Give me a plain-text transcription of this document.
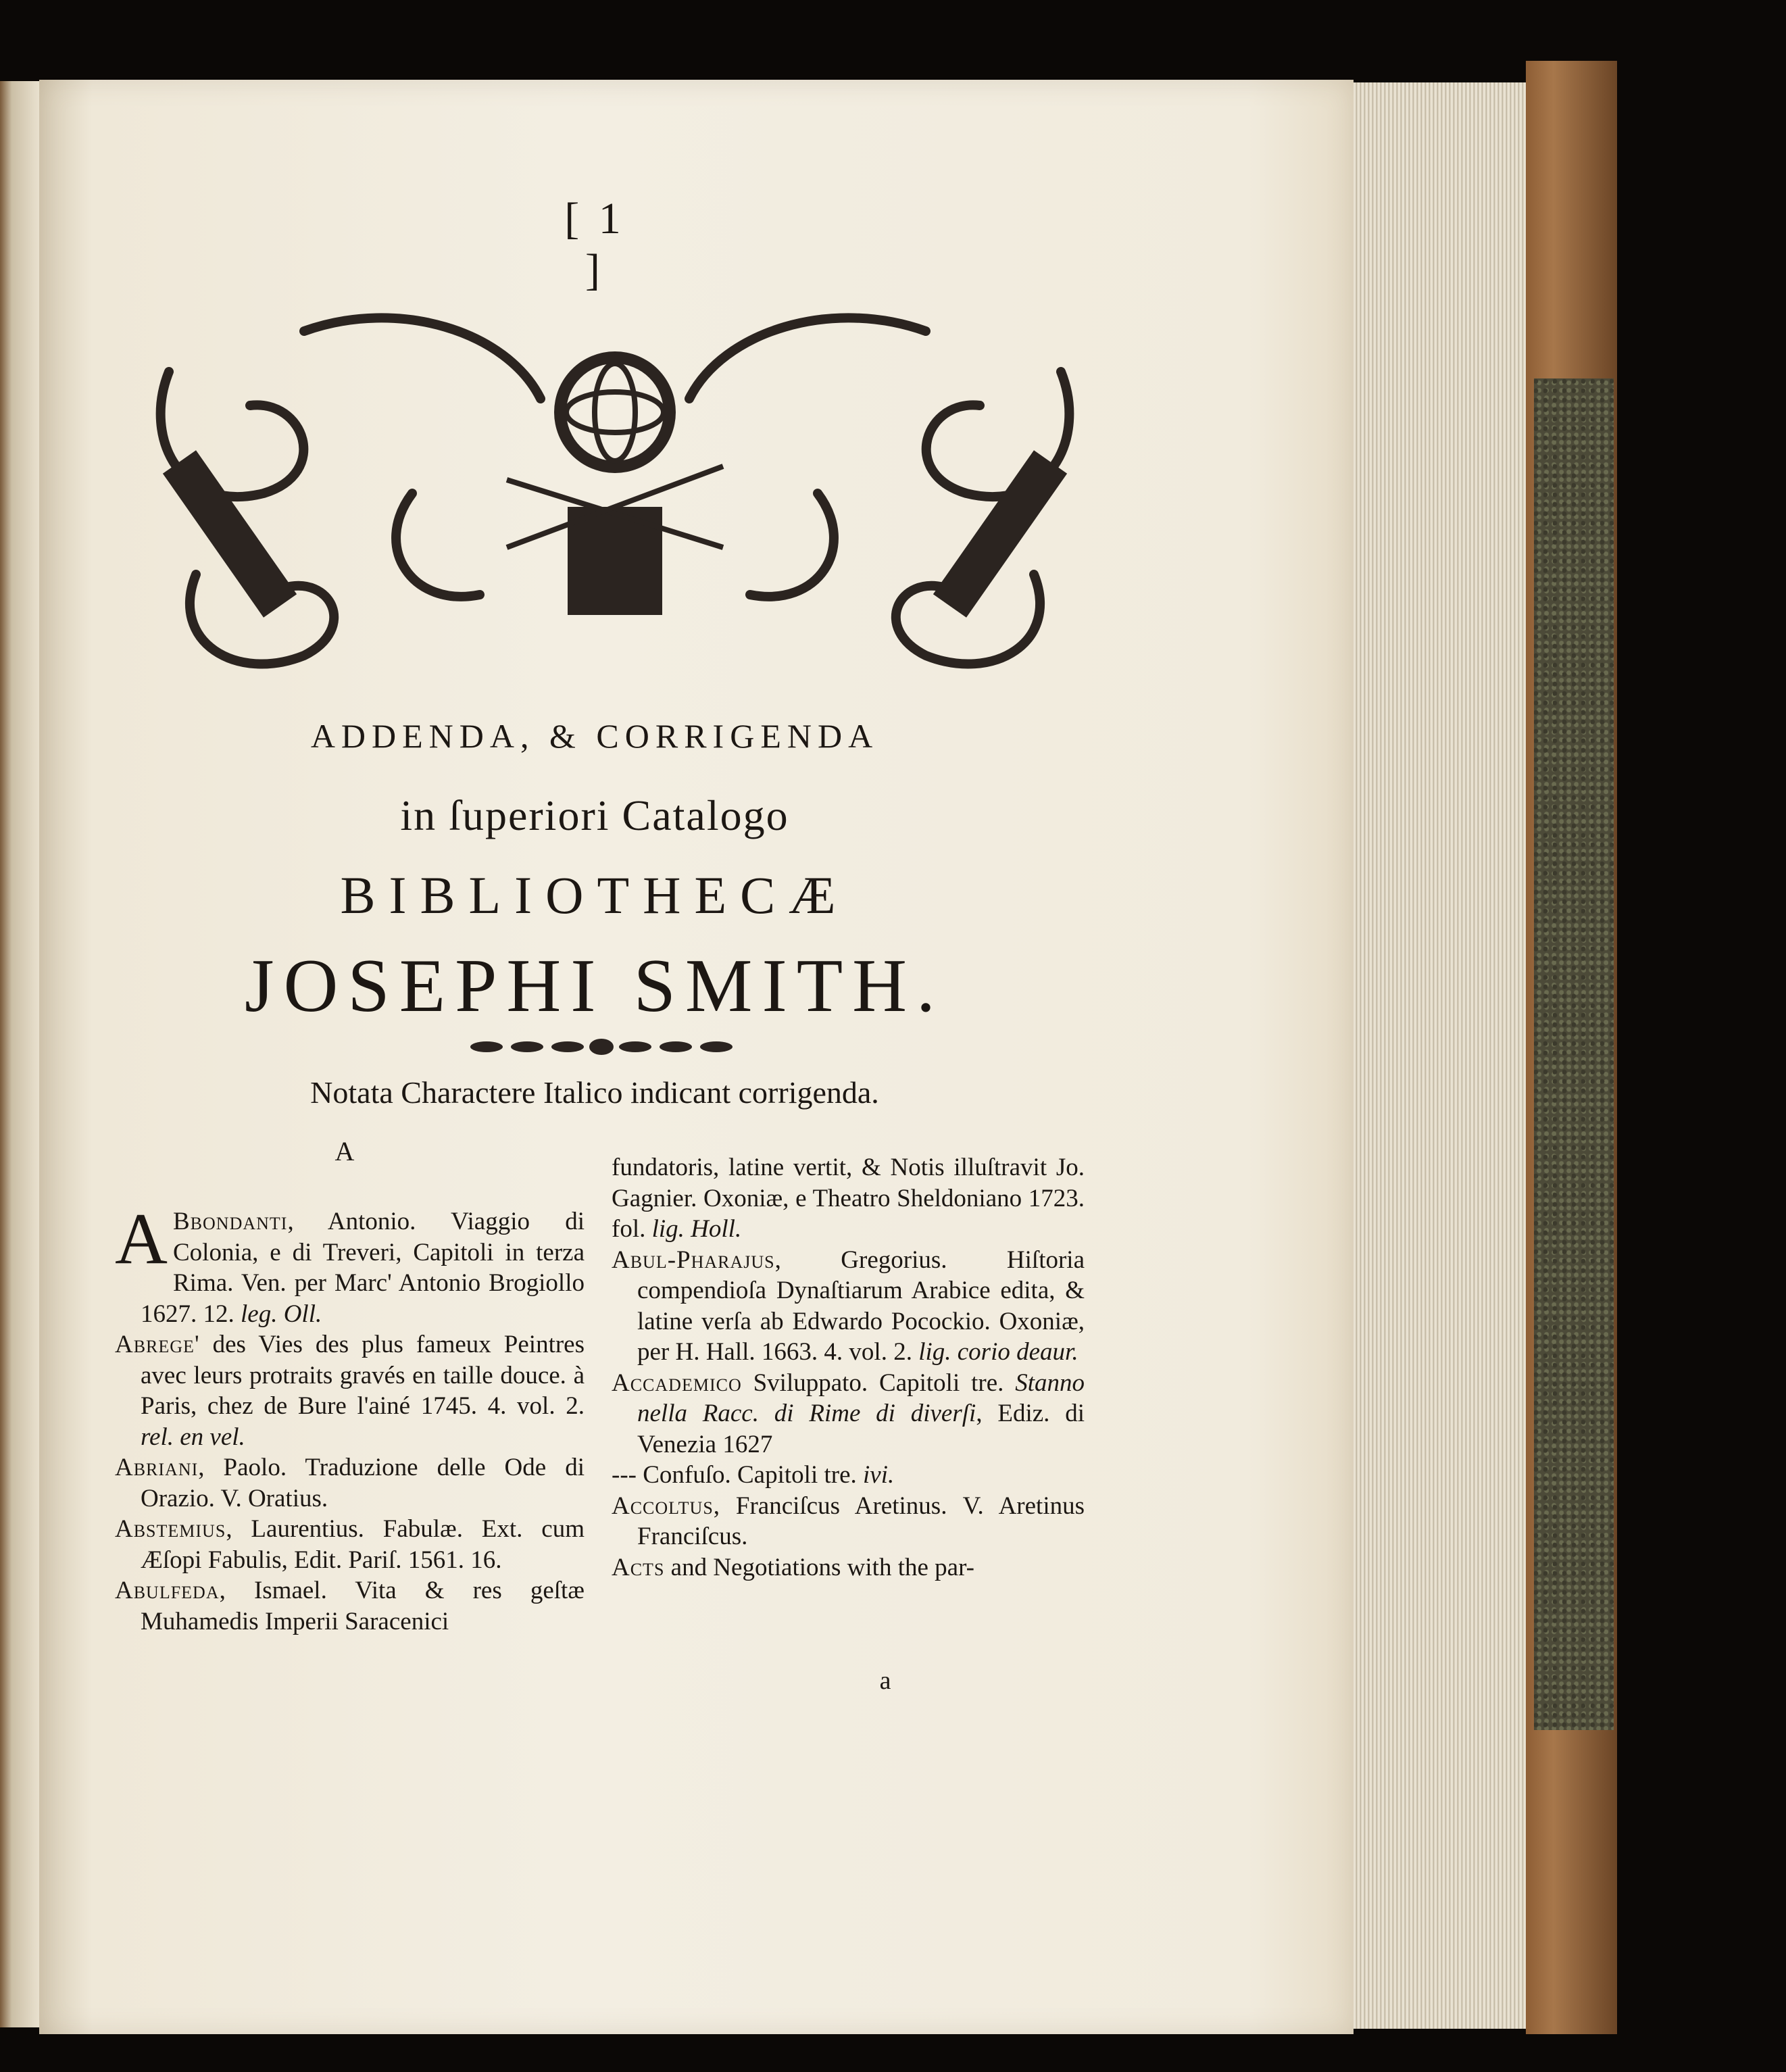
[ 1 ]
ADDENDA, & CORRIGENDA
in ſuperiori Catalogo
BIBLIOTHECÆ
JOSEPHI SMITH.
Notata Charactere Italico indicant corrigenda.
A

A Bbondanti, Antonio. Viaggio di Colonia, e di Treveri, Capitoli in terza Rima. Ven. per Marc' Antonio Brogiollo 1627. 12. leg. Oll.

Abrege' des Vies des plus fameux Peintres avec leurs protraits gravés en taille douce. à Paris, chez de Bure l'ainé 1745. 4. vol. 2. rel. en vel.

Abriani, Paolo. Traduzione delle Ode di Orazio. V. Oratius.

Abstemius, Laurentius. Fabulæ. Ext. cum Æſopi Fabulis, Edit. Pariſ. 1561. 16.

Abulfeda, Ismael. Vita & res geſtæ Muhamedis Imperii Saracenici

fundatoris, latine vertit, & Notis illuſtravit Jo. Gagnier. Oxoniæ, e Theatro Sheldoniano 1723. fol. lig. Holl.

Abul-Pharajus, Gregorius. Hiſtoria compendioſa Dynaſtiarum Arabice edita, & latine verſa ab Edwardo Pocockio. Oxoniæ, per H. Hall. 1663. 4. vol. 2. lig. corio deaur.

Accademico Sviluppato. Capitoli tre. Stanno nella Racc. di Rime di diverſi, Ediz. di Venezia 1627

--- Confuſo. Capitoli tre. ivi.

Accoltus, Franciſcus Aretinus. V. Aretinus Franciſcus.

Acts and Negotiations with the par-

a
